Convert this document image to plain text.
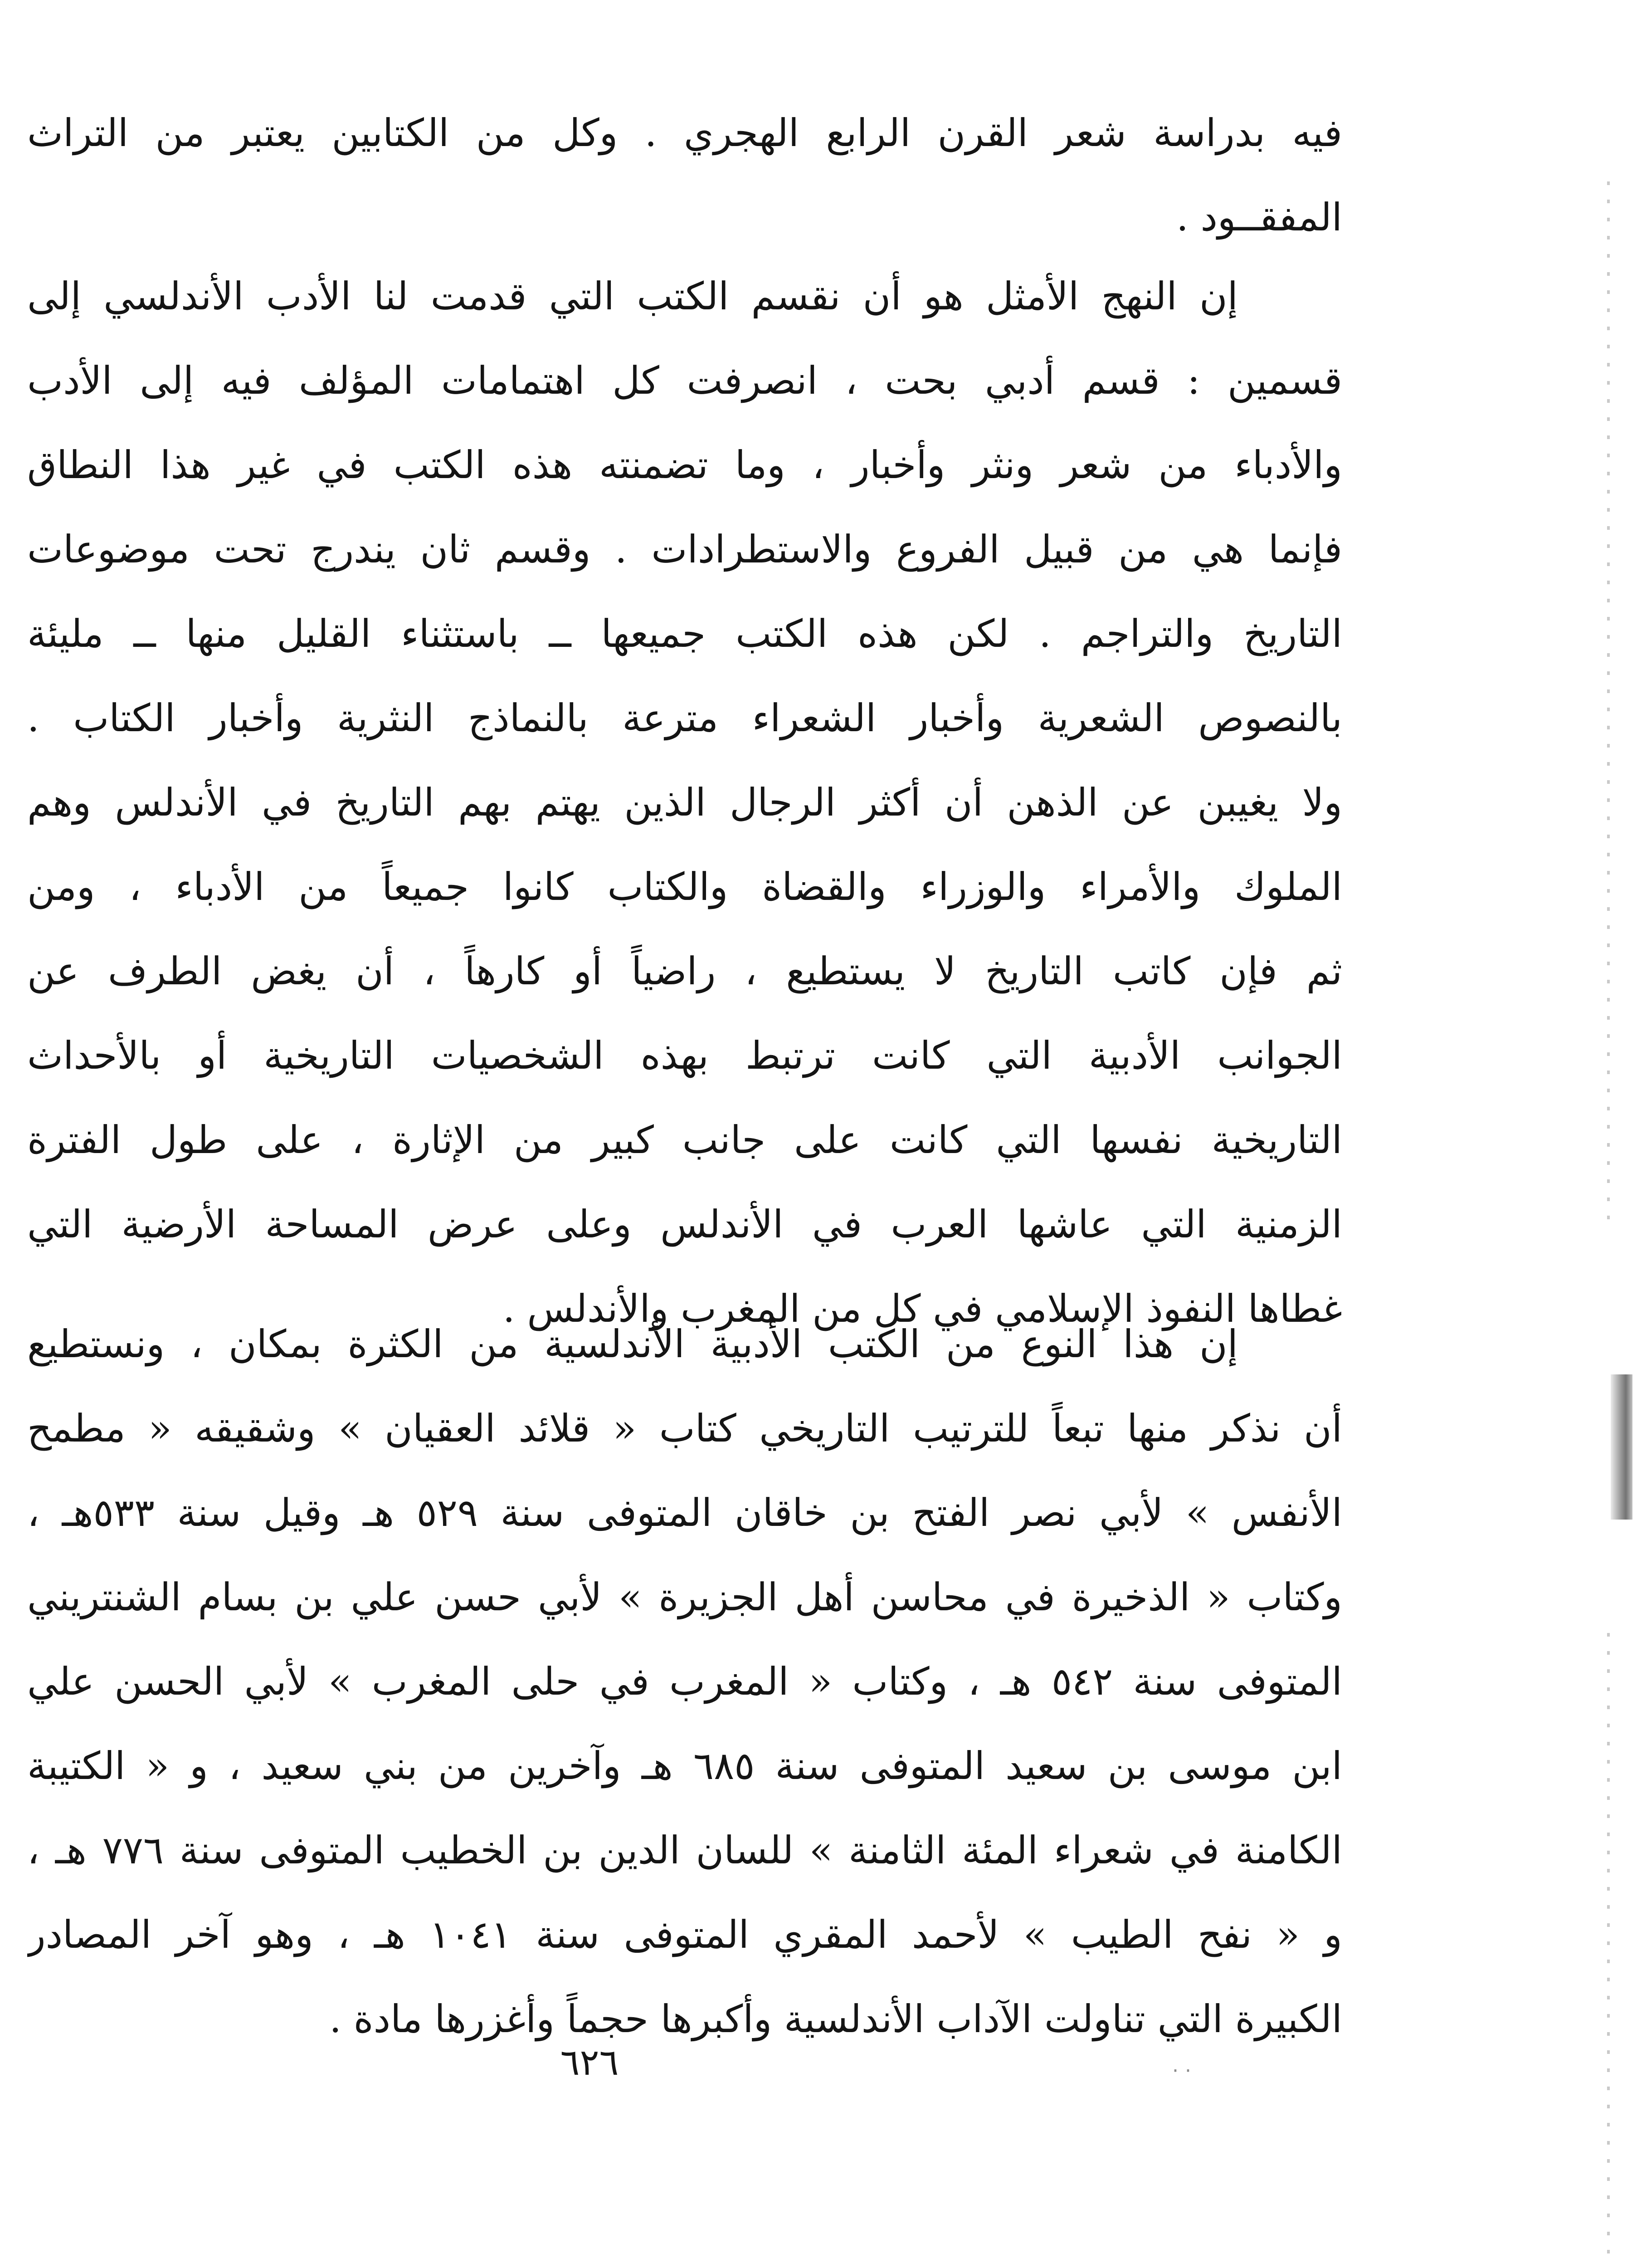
فيه بدراسة شعر القرن الرابع الهجري . وكل من الكتابين يعتبر من التراث
المفقــود .
إن النهج الأمثل هو أن نقسم الكتب التي قدمت لنا الأدب الأندلسي إلى
قسمين : قسم أدبي بحت ، انصرفت كل اهتمامات المؤلف فيه إلى الأدب
والأدباء من شعر ونثر وأخبار ، وما تضمنته هذه الكتب في غير هذا النطاق
فإنما هي من قبيل الفروع والاستطرادات . وقسم ثان يندرج تحت موضوعات
التاريخ والتراجم . لكن هذه الكتب جميعها ــ باستثناء القليل منها ــ مليئة
بالنصوص الشعرية وأخبار الشعراء مترعة بالنماذج النثرية وأخبار الكتاب .
ولا يغيبن عن الذهن أن أكثر الرجال الذين يهتم بهم التاريخ في الأندلس وهم
الملوك والأمراء والوزراء والقضاة والكتاب كانوا جميعاً من الأدباء ، ومن
ثم فإن كاتب التاريخ لا يستطيع ، راضياً أو كارهاً ، أن يغض الطرف عن
الجوانب الأدبية التي كانت ترتبط بهذه الشخصيات التاريخية أو بالأحداث
التاريخية نفسها التي كانت على جانب كبير من الإثارة ، على طول الفترة
الزمنية التي عاشها العرب في الأندلس وعلى عرض المساحة الأرضية التي
غطاها النفوذ الإسلامي في كل من المغرب والأندلس .
إن هذا النوع من الكتب الأدبية الأندلسية من الكثرة بمكان ، ونستطيع
أن نذكر منها تبعاً للترتيب التاريخي كتاب « قلائد العقيان » وشقيقه « مطمح
الأنفس » لأبي نصر الفتح بن خاقان المتوفى سنة ٥٢٩ هـ وقيل سنة ٥٣٣هـ ،
وكتاب « الذخيرة في محاسن أهل الجزيرة » لأبي حسن علي بن بسام الشنتريني
المتوفى سنة ٥٤٢ هـ ، وكتاب « المغرب في حلى المغرب » لأبي الحسن علي
ابن موسى بن سعيد المتوفى سنة ٦٨٥ هـ وآخرين من بني سعيد ، و « الكتيبة
الكامنة في شعراء المئة الثامنة » للسان الدين بن الخطيب المتوفى سنة ٧٧٦ هـ ،
و « نفح الطيب » لأحمد المقري المتوفى سنة ١٠٤١ هـ ، وهو آخر المصادر
الكبيرة التي تناولت الآداب الأندلسية وأكبرها حجماً وأغزرها مادة .
٦٢٦	· ·
